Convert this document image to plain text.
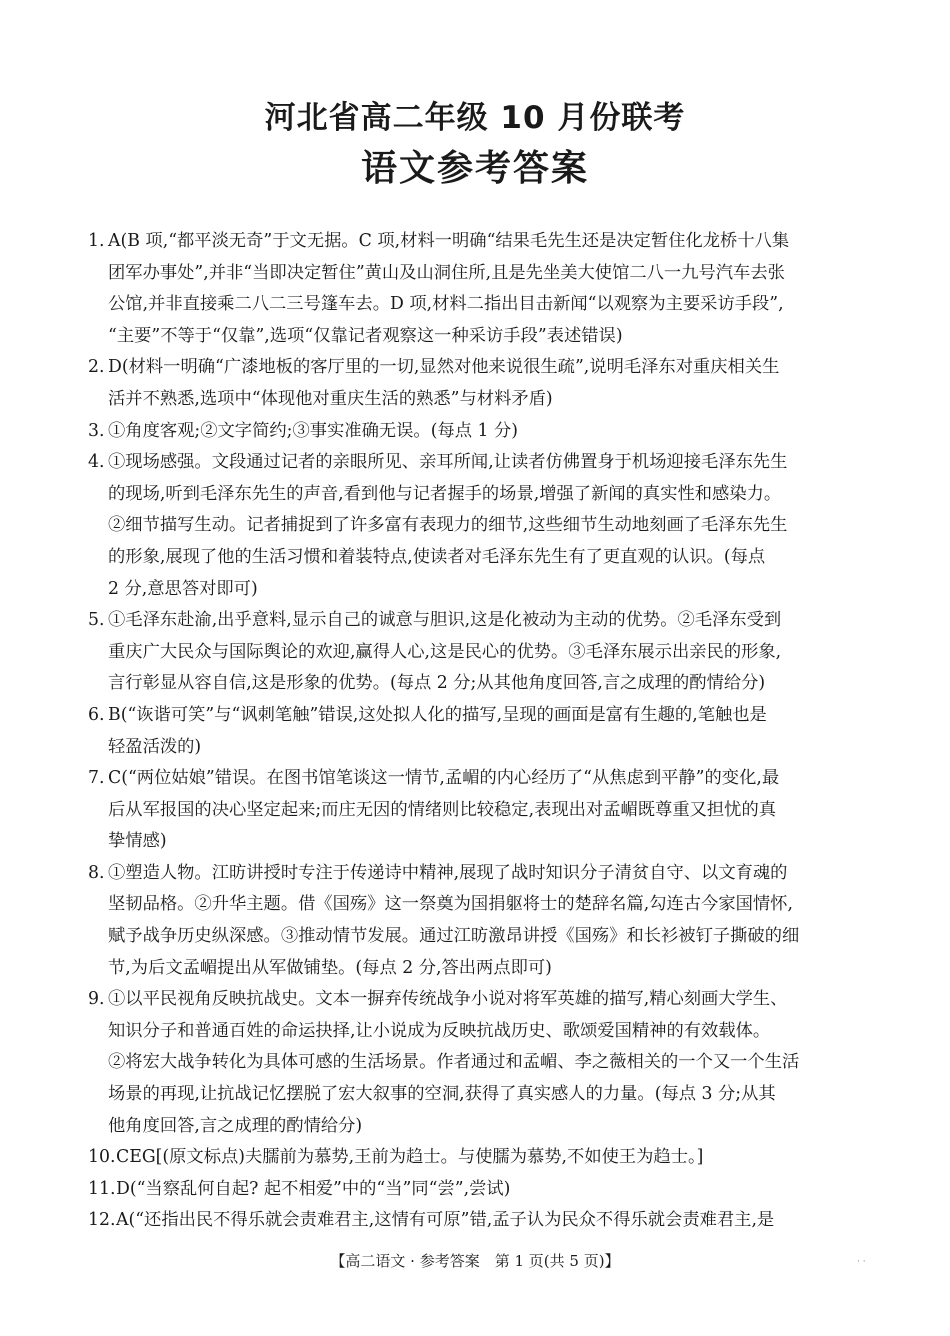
河北省高二年级 10 月份联考
语文参考答案
1. A(B 项,“都平淡无奇”于文无据。C 项,材料一明确“结果毛先生还是决定暂住化龙桥十八集
团军办事处”,并非“当即决定暂住”黄山及山洞住所,且是先坐美大使馆二八一九号汽车去张
公馆,并非直接乘二八二三号篷车去。D 项,材料二指出目击新闻“以观察为主要采访手段”,
“主要”不等于“仅靠”,选项“仅靠记者观察这一种采访手段”表述错误)
2. D(材料一明确“广漆地板的客厅里的一切,显然对他来说很生疏”,说明毛泽东对重庆相关生
活并不熟悉,选项中“体现他对重庆生活的熟悉”与材料矛盾)
3. ①角度客观;②文字简约;③事实准确无误。(每点 1 分)
4. ①现场感强。文段通过记者的亲眼所见、亲耳所闻,让读者仿佛置身于机场迎接毛泽东先生
的现场,听到毛泽东先生的声音,看到他与记者握手的场景,增强了新闻的真实性和感染力。
②细节描写生动。记者捕捉到了许多富有表现力的细节,这些细节生动地刻画了毛泽东先生
的形象,展现了他的生活习惯和着装特点,使读者对毛泽东先生有了更直观的认识。(每点
2 分,意思答对即可)
5. ①毛泽东赴渝,出乎意料,显示自己的诚意与胆识,这是化被动为主动的优势。②毛泽东受到
重庆广大民众与国际舆论的欢迎,赢得人心,这是民心的优势。③毛泽东展示出亲民的形象,
言行彰显从容自信,这是形象的优势。(每点 2 分;从其他角度回答,言之成理的酌情给分)
6. B(“诙谐可笑”与“讽刺笔触”错误,这处拟人化的描写,呈现的画面是富有生趣的,笔触也是
轻盈活泼的)
7. C(“两位姑娘”错误。在图书馆笔谈这一情节,孟嵋的内心经历了“从焦虑到平静”的变化,最
后从军报国的决心坚定起来;而庄无因的情绪则比较稳定,表现出对孟嵋既尊重又担忧的真
挚情感)
8. ①塑造人物。江昉讲授时专注于传递诗中精神,展现了战时知识分子清贫自守、以文育魂的
坚韧品格。②升华主题。借《国殇》这一祭奠为国捐躯将士的楚辞名篇,勾连古今家国情怀,
赋予战争历史纵深感。③推动情节发展。通过江昉激昂讲授《国殇》和长衫被钉子撕破的细
节,为后文孟嵋提出从军做铺垫。(每点 2 分,答出两点即可)
9. ①以平民视角反映抗战史。文本一摒弃传统战争小说对将军英雄的描写,精心刻画大学生、
知识分子和普通百姓的命运抉择,让小说成为反映抗战历史、歌颂爱国精神的有效载体。
②将宏大战争转化为具体可感的生活场景。作者通过和孟嵋、李之薇相关的一个又一个生活
场景的再现,让抗战记忆摆脱了宏大叙事的空洞,获得了真实感人的力量。(每点 3 分;从其
他角度回答,言之成理的酌情给分)
10. CEG[(原文标点)夫臑前为慕势,王前为趋士。与使臑为慕势,不如使王为趋士。]
11. D(“当察乱何自起? 起不相爱”中的“当”同“尝”,尝试)
12. A(“还指出民不得乐就会责难君主,这情有可原”错,孟子认为民众不得乐就会责难君主,是
【高二语文 · 参考答案　第 1 页(共 5 页)】	· ·
